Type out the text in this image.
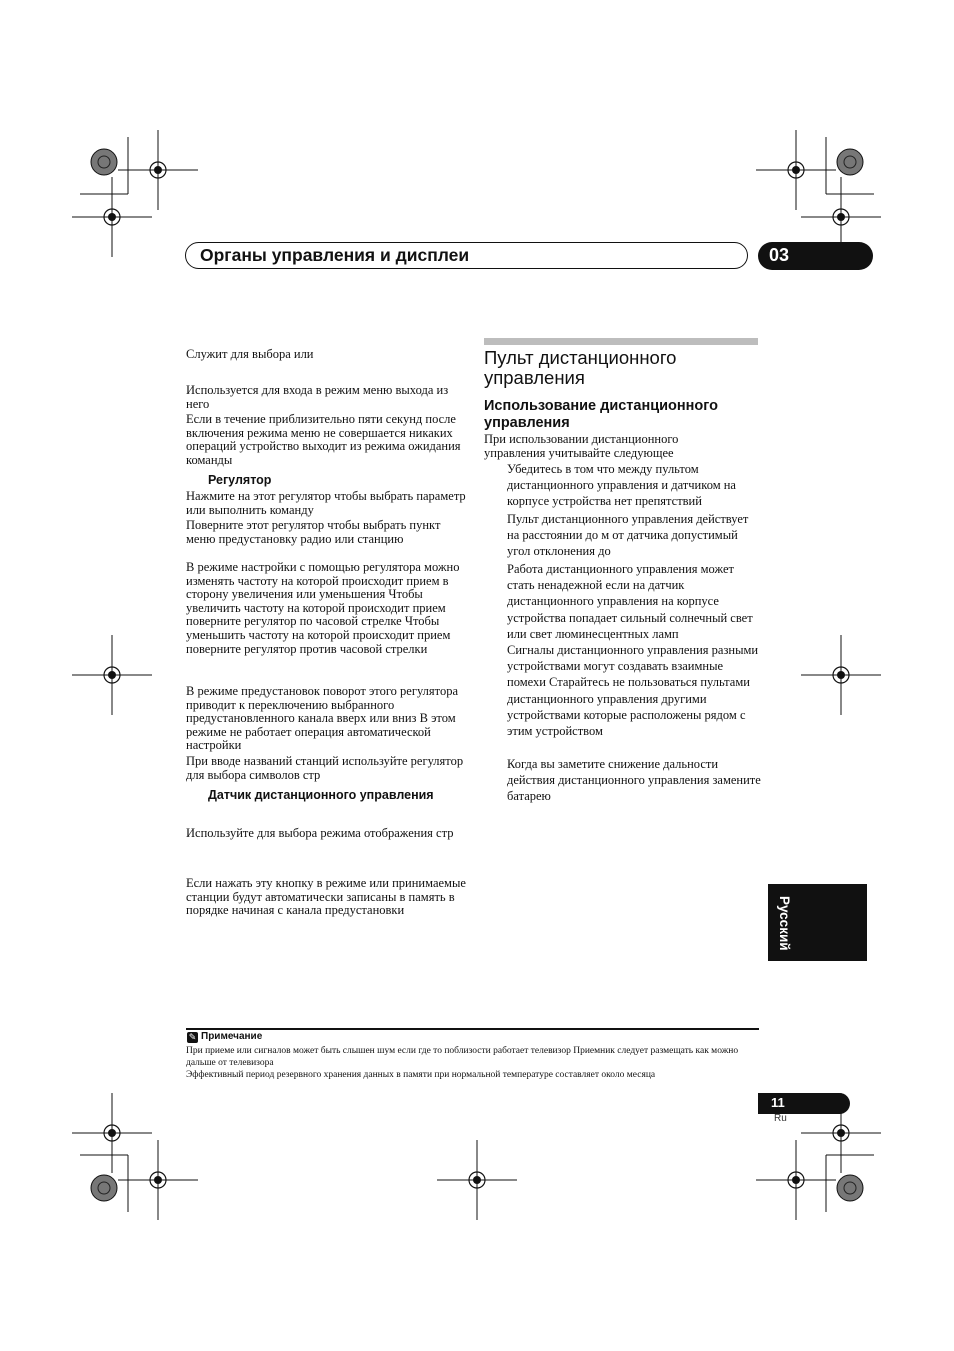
Органы управления и дисплеи	03

Служит для выбора или

Используется для входа в режим меню выхода из него

Если в течение приблизительно пяти секунд после включения режима меню не совершается никаких операций устройство выходит из режима ожидания команды

Регулятор

Нажмите на этот регулятор чтобы выбрать параметр или выполнить команду

Поверните этот регулятор чтобы выбрать пункт меню предустановку радио или станцию

В режиме настройки с помощью регулятора можно изменять частоту на которой происходит прием в сторону увеличения или уменьшения Чтобы увеличить частоту на которой происходит прием поверните регулятор по часовой стрелке Чтобы уменьшить частоту на которой происходит прием поверните регулятор против часовой стрелки

В режиме предустановок поворот этого регулятора приводит к переключению выбранного предустановленного канала вверх или вниз В этом режиме не работает операция автоматической настройки

При вводе названий станций используйте регулятор для выбора символов стр

Датчик дистанционного управления

Используйте для выбора режима отображения стр

Если нажать эту кнопку в режиме или принимаемые станции будут автоматически записаны в память в порядке начиная с канала предустановки

Пульт дистанционного управления
Использование дистанционного управления

При использовании дистанционного управления учитывайте следующее

Убедитесь в том что между пультом дистанционного управления и датчиком на корпусе устройства нет препятствий

Пульт дистанционного управления действует на расстоянии до м от датчика допустимый угол отклонения до

Работа дистанционного управления может стать ненадежной если на датчик дистанционного управления на корпусе устройства попадает сильный солнечный свет или свет люминесцентных ламп

Сигналы дистанционного управления разными устройствами могут создавать взаимные помехи Старайтесь не пользоваться пультами дистанционного управления другими устройствами которые расположены рядом с этим устройством

Когда вы заметите снижение дальности действия дистанционного управления замените батарею

Русский
✎ Примечание
При приеме или сигналов может быть слышен шум если где то поблизости работает телевизор Приемник следует размещать как можно дальше от телевизора
Эффективный период резервного хранения данных в памяти при нормальной температуре составляет около месяца
11
Ru
